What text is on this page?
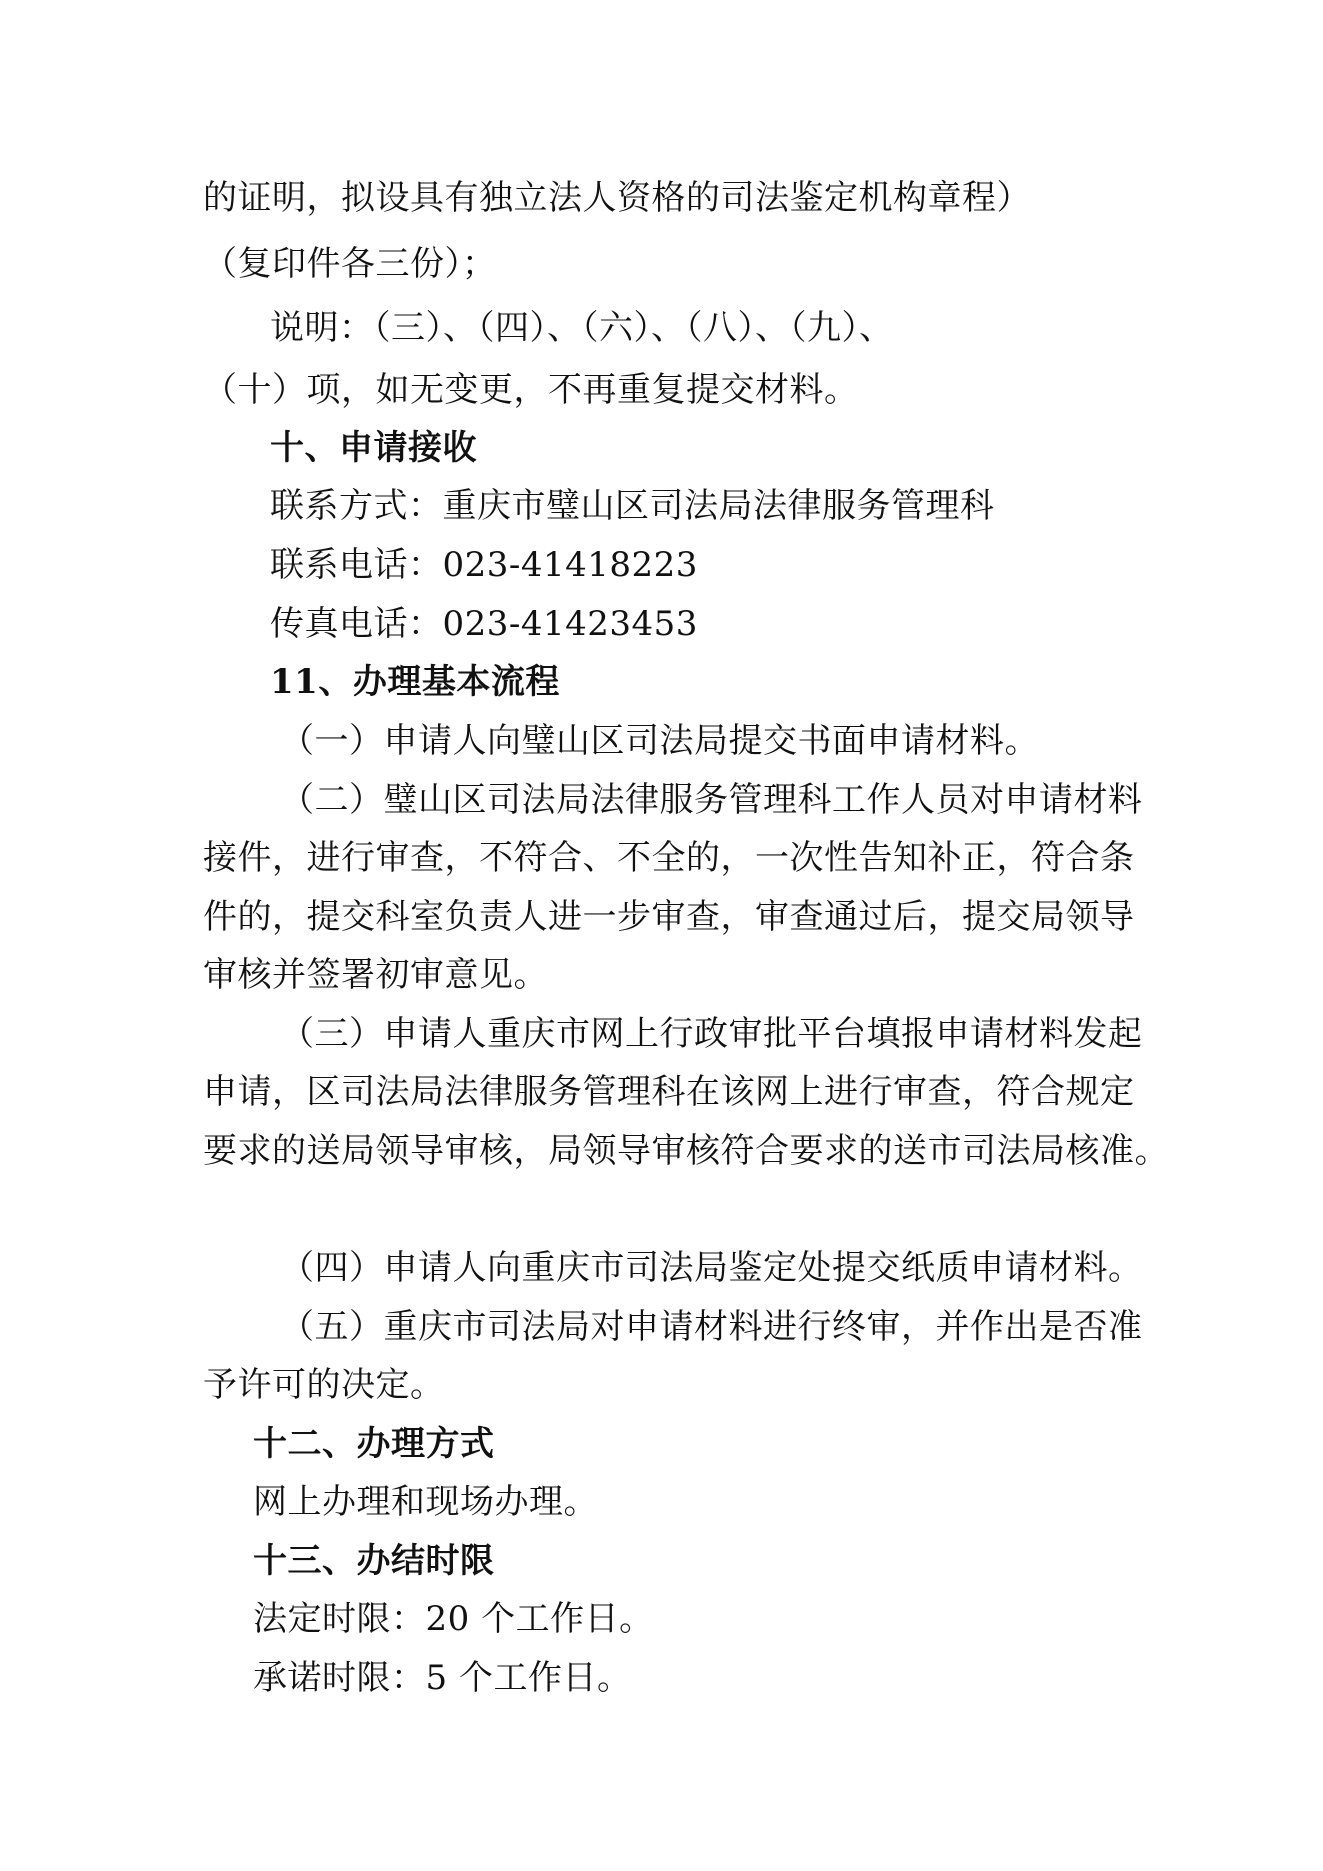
的证明，拟设具有独立法人资格的司法鉴定机构章程）

（复印件各三份）；

说明：（三）、（四）、（六）、（八）、（九）、

（十）项，如无变更，不再重复提交材料。

十、申请接收

联系方式：重庆市璧山区司法局法律服务管理科

联系电话：023-41418223

传真电话：023-41423453

11、办理基本流程

（一）申请人向璧山区司法局提交书面申请材料。

（二）璧山区司法局法律服务管理科工作人员对申请材料

接件，进行审查，不符合、不全的，一次性告知补正，符合条

件的，提交科室负责人进一步审查，审查通过后，提交局领导

审核并签署初审意见。

（三）申请人重庆市网上行政审批平台填报申请材料发起

申请，区司法局法律服务管理科在该网上进行审查，符合规定

要求的送局领导审核，局领导审核符合要求的送市司法局核准。

（四）申请人向重庆市司法局鉴定处提交纸质申请材料。

（五）重庆市司法局对申请材料进行终审，并作出是否准

予许可的决定。

十二、办理方式

网上办理和现场办理。

十三、办结时限

法定时限：20 个工作日。

承诺时限：5 个工作日。
